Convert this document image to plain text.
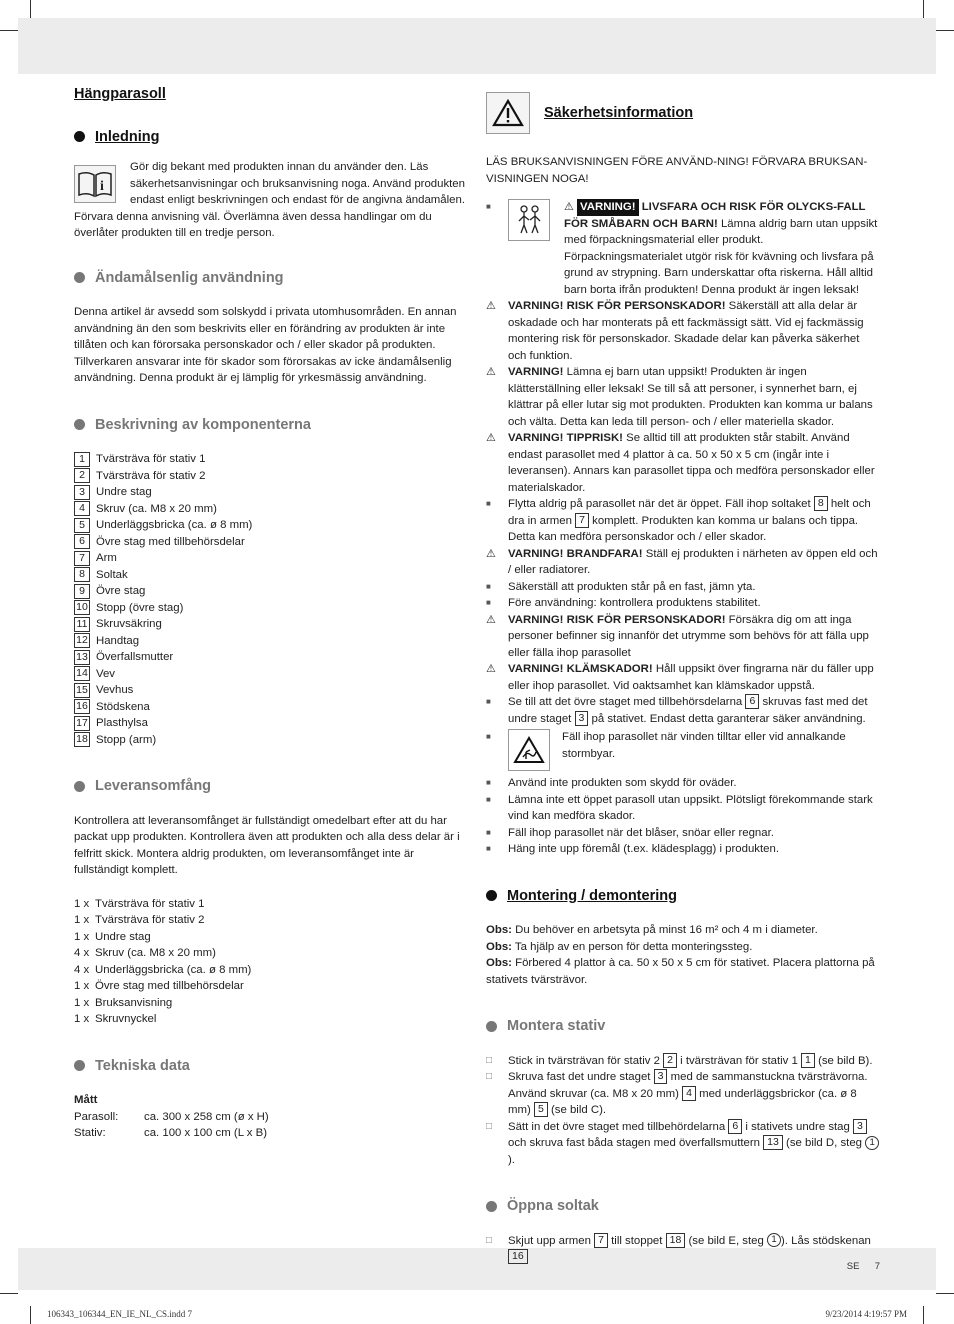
Hängparasoll
Inledning
i

Gör dig bekant med produkten innan du använder den. Läs säkerhetsanvisningar och bruksanvisning noga. Använd produkten endast enligt beskrivningen och endast för de angivna ändamålen.

Förvara denna anvisning väl. Överlämna även dessa handlingar om du överlåter produkten till en tredje person.

Ändamålsenlig användning

Denna artikel är avsedd som solskydd i privata utomhusområden. En annan användning än den som beskrivits eller en förändring av produkten är inte tillåten och kan förorsaka personskador och / eller skador på produkten. Tillverkaren ansvarar inte för skador som förorsakas av icke ändamålsenlig användning. Denna produkt är ej lämplig för yrkesmässig användning.

Beskrivning av komponenterna
1 Tvärsträva för stativ 1
2 Tvärsträva för stativ 2
3 Undre stag
4 Skruv (ca. M8 x 20 mm)
5 Underläggsbricka (ca. ø 8 mm)
6 Övre stag med tillbehörsdelar
7 Arm
8 Soltak
9 Övre stag
10 Stopp (övre stag)
11 Skruvsäkring
12 Handtag
13 Överfallsmutter
14 Vev
15 Vevhus
16 Stödskena
17 Plasthylsa
18 Stopp (arm)
Leveransomfång

Kontrollera att leveransomfånget är fullständigt omedelbart efter att du har packat upp produkten. Kontrollera även att produkten och alla dess delar är i felfritt skick. Montera aldrig produkten, om leveransomfånget inte är fullständigt komplett.

1 x Tvärsträva för stativ 1
1 x Tvärsträva för stativ 2
1 x Undre stag
4 x Skruv (ca. M8 x 20 mm)
4 x Underläggsbricka (ca. ø 8 mm)
1 x Övre stag med tillbehörsdelar
1 x Bruksanvisning
1 x Skruvnyckel
Tekniska data
Mått
Parasoll: ca. 300 x 258 cm (ø x H)
Stativ:	ca. 100 x 100 cm (L x B)
Säkerhetsinformation

LÄS BRUKSANVISNINGEN FÖRE ANVÄND-NING! FÖRVARA BRUKSAN-VISNINGEN NOGA!

■	⚠ VARNING! LIVSFARA OCH RISK FÖR OLYCKS-FALL FÖR SMÅBARN OCH BARN! Lämna aldrig barn utan uppsikt med förpackningsmaterial eller produkt. Förpackningsmaterialet utgör risk för kvävning och livsfara på grund av strypning. Barn underskattar ofta riskerna. Håll alltid barn borta ifrån produkten! Denna produkt är ingen leksak!
⚠	VARNING! RISK FÖR PERSONSKADOR! Säkerställ att alla delar är oskadade och har monterats på ett fackmässigt sätt. Vid ej fackmässig montering risk för personskador. Skadade delar kan påverka säkerhet och funktion.
⚠	VARNING! Lämna ej barn utan uppsikt! Produkten är ingen klätterställning eller leksak! Se till så att personer, i synnerhet barn, ej klättrar på eller lutar sig mot produkten. Produkten kan komma ur balans och välta. Detta kan leda till person- och / eller materiella skador.
⚠	VARNING! TIPPRISK! Se alltid till att produkten står stabilt. Använd endast parasollet med 4 plattor à ca. 50 x 50 x 5 cm (ingår inte i leveransen). Annars kan parasollet tippa och medföra personskador eller materialskador.
■	Flytta aldrig på parasollet när det är öppet. Fäll ihop soltaket 8 helt och dra in armen 7 komplett. Produkten kan komma ur balans och tippa. Detta kan medföra personskador och / eller skador.
⚠	VARNING! BRANDFARA! Ställ ej produkten i närheten av öppen eld och / eller radiatorer.
■	Säkerställ att produkten står på en fast, jämn yta.
■	Före användning: kontrollera produktens stabilitet.
⚠	VARNING! RISK FÖR PERSONSKADOR! Försäkra dig om att inga personer befinner sig innanför det utrymme som behövs för att fälla upp eller fälla ihop parasollet
⚠	VARNING! KLÄMSKADOR! Håll uppsikt över fingrarna när du fäller upp eller ihop parasollet. Vid oaktsamhet kan klämskador uppstå.
■	Se till att det övre staget med tillbehörsdelarna 6 skruvas fast med det undre staget 3 på stativet. Endast detta garanterar säker användning.
■	Fäll ihop parasollet när vinden tilltar eller vid annalkande stormbyar.
■	Använd inte produkten som skydd för oväder.
■	Lämna inte ett öppet parasoll utan uppsikt. Plötsligt förekommande stark vind kan medföra skador.
■	Fäll ihop parasollet när det blåser, snöar eller regnar.
■	Häng inte upp föremål (t.ex. klädesplagg) i produkten.
Montering / demontering

Obs: Du behöver en arbetsyta på minst 16 m² och 4 m i diameter.

Obs: Ta hjälp av en person för detta monteringssteg.

Obs: Förbered 4 plattor à ca. 50 x 50 x 5 cm för stativet. Placera plattorna på stativets tvärsträvor.

Montera stativ
□	Stick in tvärsträvan för stativ 2 2 i tvärsträvan för stativ 1 1 (se bild B).
□	Skruva fast det undre staget 3 med de sammanstuckna tvärsträvorna. Använd skruvar (ca. M8 x 20 mm) 4 med underläggsbrickor (ca. ø 8 mm) 5 (se bild C).
□	Sätt in det övre staget med tillbehördelarna 6 i stativets undre stag 3 och skruva fast båda stagen med överfallsmuttern 13 (se bild D, steg 1).
Öppna soltak
□	Skjut upp armen 7 till stoppet 18 (se bild E, steg 1 ). Lås stödskenan 16
SE 7
106343_106344_EN_IE_NL_CS.indd 7	9/23/2014 4:19:57 PM
